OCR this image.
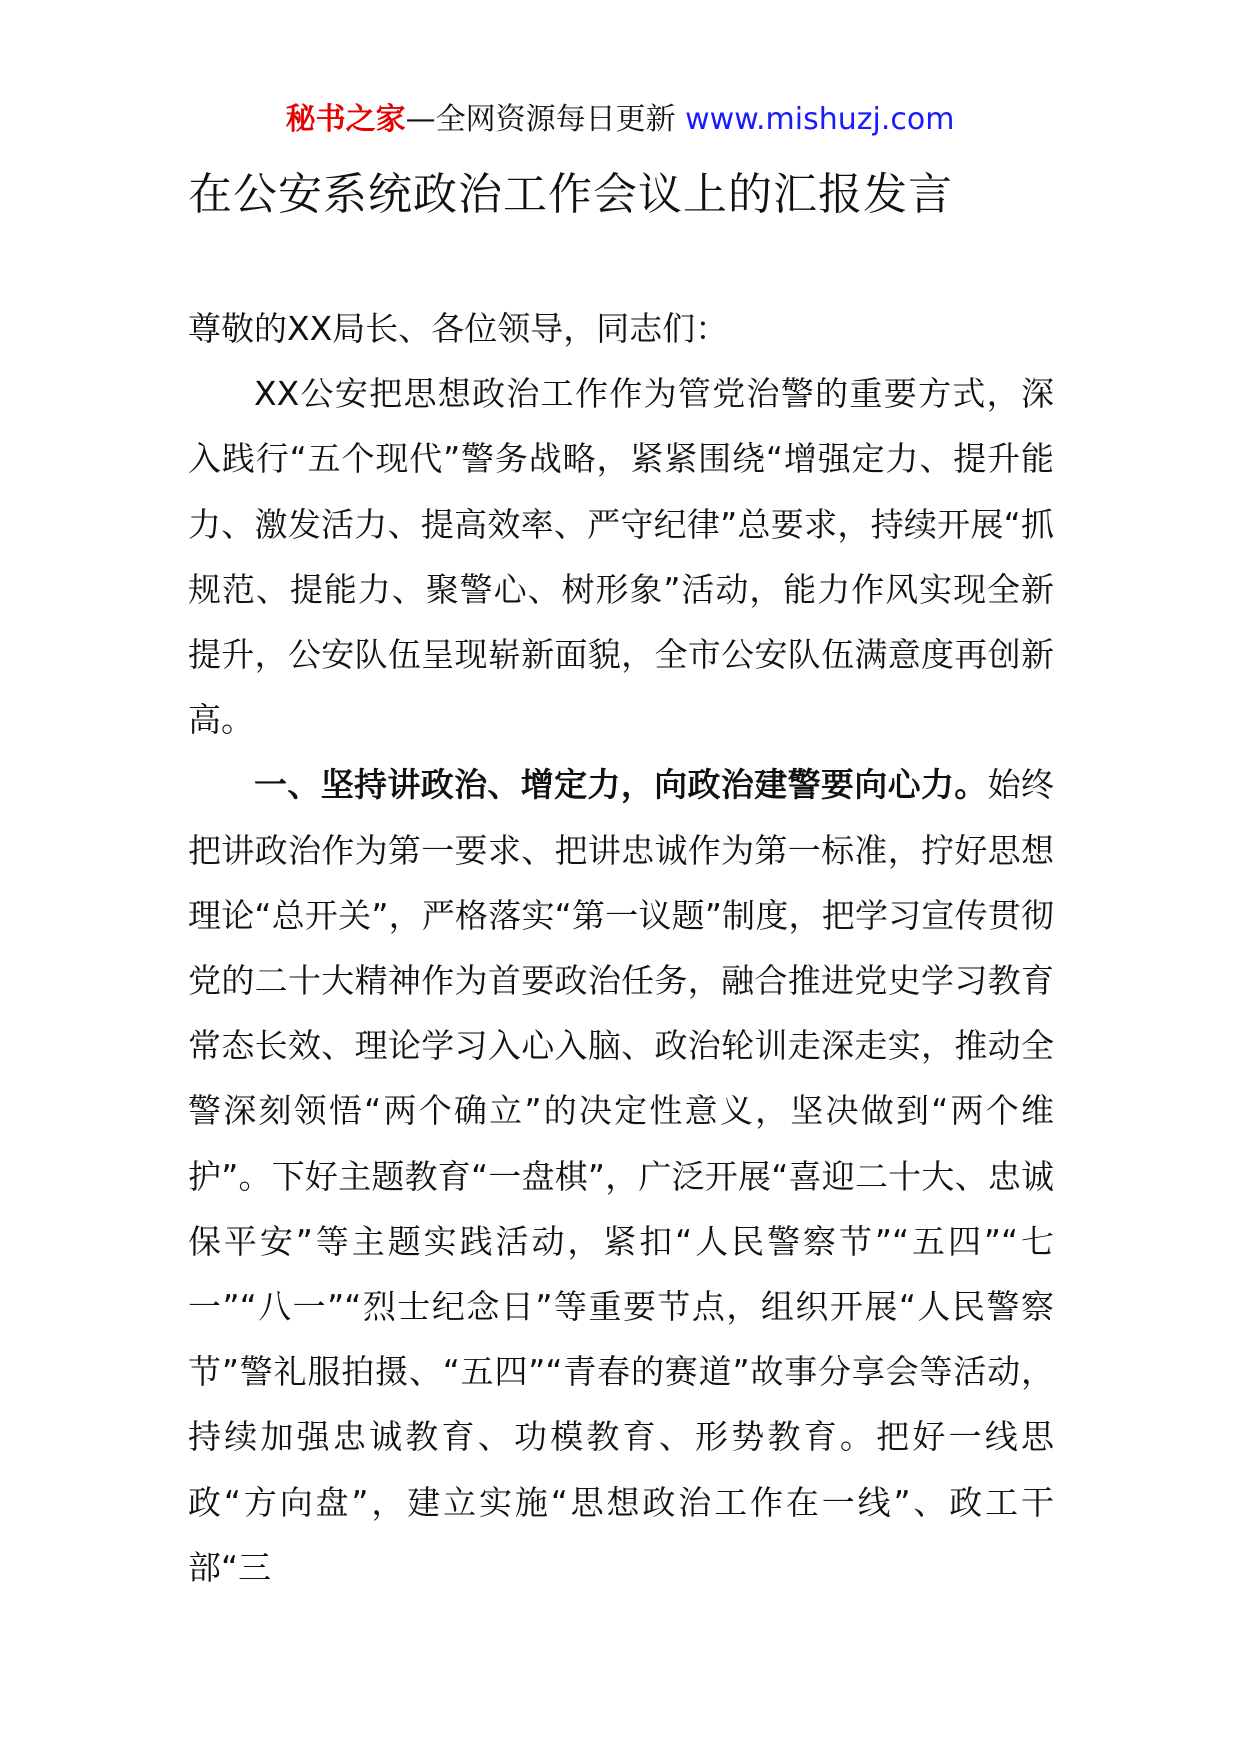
秘书之家—全网资源每日更新 www.mishuzj.com
在公安系统政治工作会议上的汇报发言

尊敬的XX局长、各位领导，同志们：

XX公安把思想政治工作作为管党治警的重要方式，深入践行“五个现代”警务战略，紧紧围绕“增强定力、提升能力、激发活力、提高效率、严守纪律”总要求，持续开展“抓规范、提能力、聚警心、树形象”活动，能力作风实现全新提升，公安队伍呈现崭新面貌，全市公安队伍满意度再创新高。

一、坚持讲政治、增定力，向政治建警要向心力。始终把讲政治作为第一要求、把讲忠诚作为第一标准，拧好思想理论“总开关”，严格落实“第一议题”制度，把学习宣传贯彻党的二十大精神作为首要政治任务，融合推进党史学习教育常态长效、理论学习入心入脑、政治轮训走深走实，推动全警深刻领悟“两个确立”的决定性意义，坚决做到“两个维护”。下好主题教育“一盘棋”，广泛开展“喜迎二十大、忠诚保平安”等主题实践活动，紧扣“人民警察节”“五四”“七一”“八一”“烈士纪念日”等重要节点，组织开展“人民警察节”警礼服拍摄、“五四”“青春的赛道”故事分享会等活动，持续加强忠诚教育、功模教育、形势教育。把好一线思政“方向盘”，建立实施“思想政治工作在一线”、政工干部“三
